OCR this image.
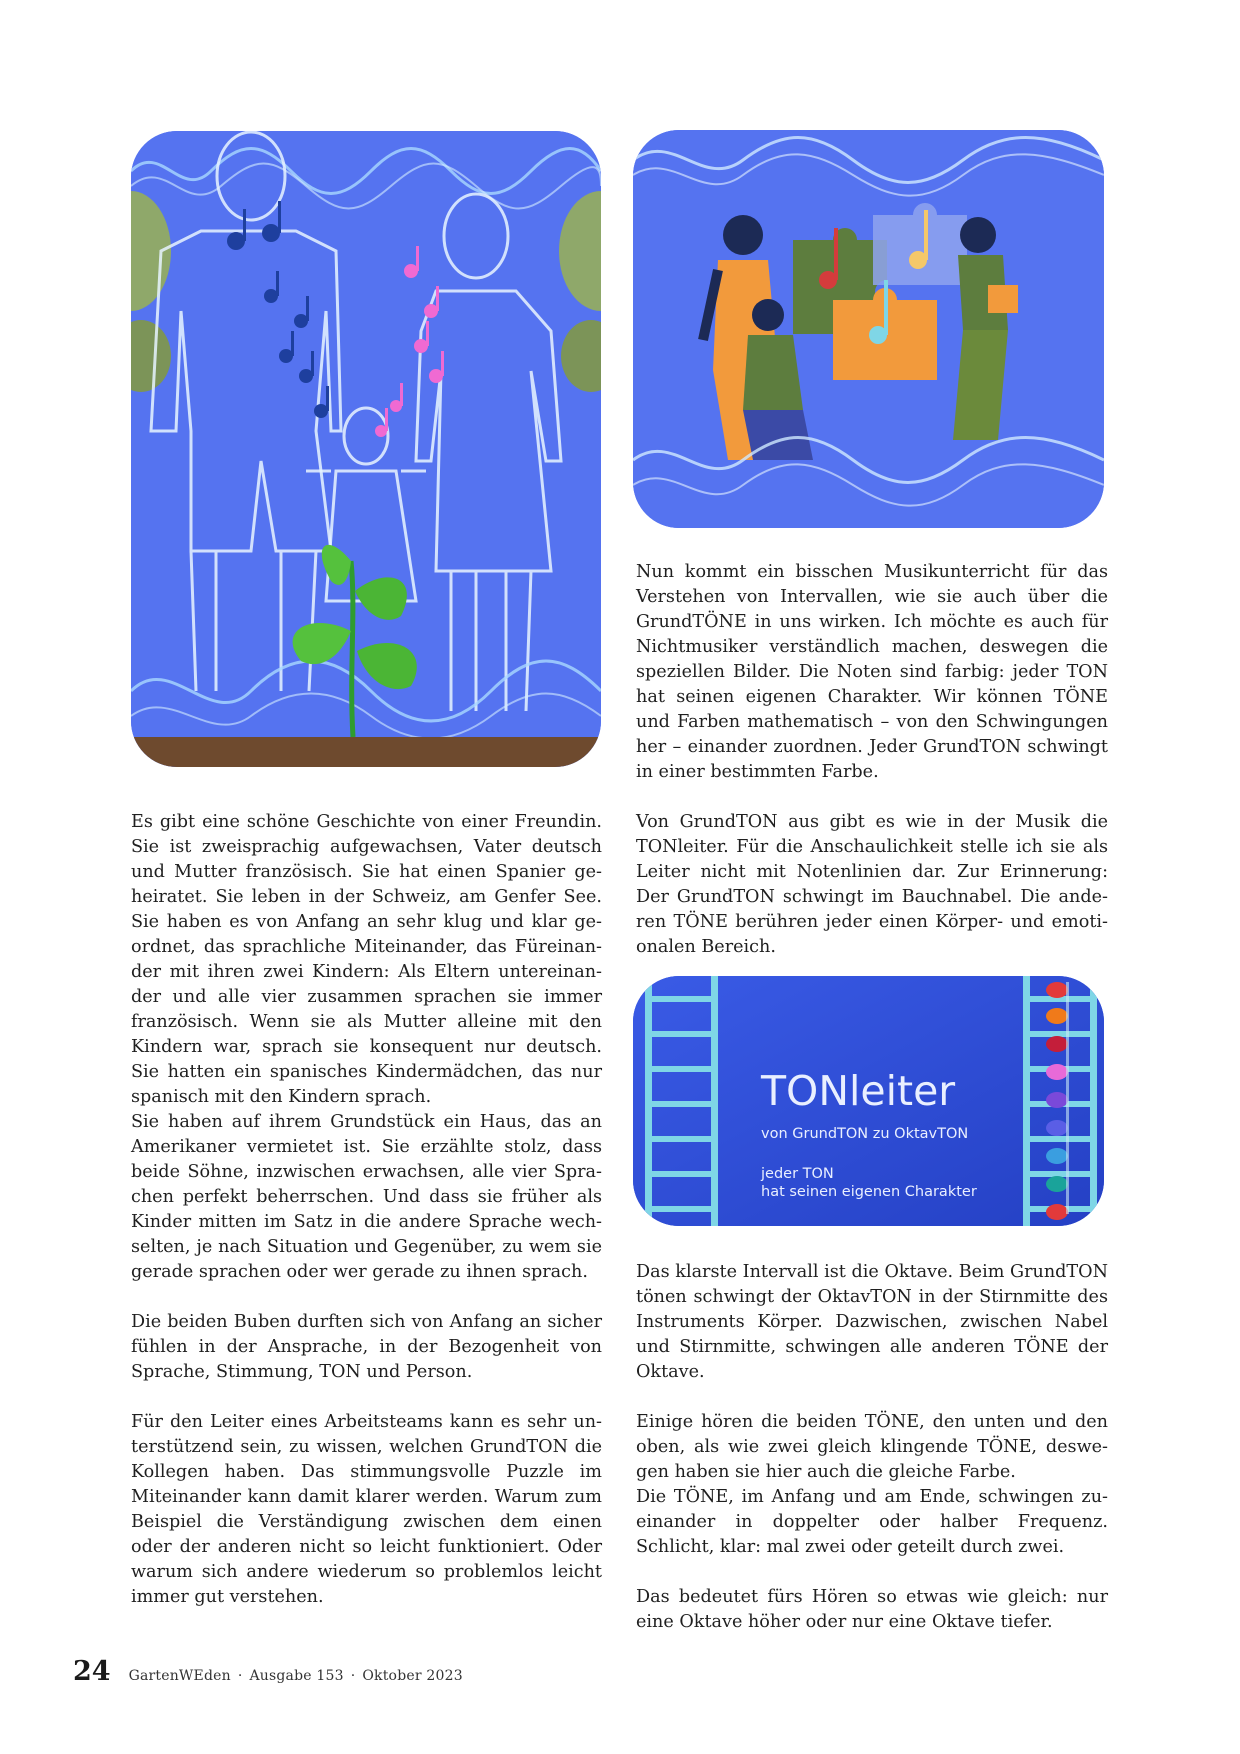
Nun kommt ein bisschen Musikunterricht für das Verstehen von Intervallen, wie sie auch über die GrundTÖNE in uns wirken. Ich möchte es auch für Nichtmusiker verständlich machen, deswegen die speziellen Bilder. Die Noten sind farbig: jeder TON hat seinen eigenen Charakter. Wir können TÖNE und Farben mathematisch – von den Schwingungen her – einander zuordnen. Jeder GrundTON schwingt in einer bestimmten Farbe.

Von GrundTON aus gibt es wie in der Musik die TONleiter. Für die Anschaulichkeit stelle ich sie als Leiter nicht mit Notenlinien dar. Zur Erinnerung: Der GrundTON schwingt im Bauchnabel. Die anderen TÖNE berühren jeder einen Körper- und emotionalen Bereich.

TONleiter
von GrundTON zu OktavTON
jeder TON
hat seinen eigenen Charakter

Es gibt eine schöne Geschichte von einer Freundin. Sie ist zweisprachig aufgewachsen, Vater deutsch und Mutter französisch. Sie hat einen Spanier geheiratet. Sie leben in der Schweiz, am Genfer See. Sie haben es von Anfang an sehr klug und klar geordnet, das sprachliche Miteinander, das Füreinander mit ihren zwei Kindern: Als Eltern untereinander und alle vier zusammen sprachen sie immer französisch. Wenn sie als Mutter alleine mit den Kindern war, sprach sie konsequent nur deutsch. Sie hatten ein spanisches Kindermädchen, das nur spanisch mit den Kindern sprach.

Sie haben auf ihrem Grundstück ein Haus, das an Amerikaner vermietet ist. Sie erzählte stolz, dass beide Söhne, inzwischen erwachsen, alle vier Sprachen perfekt beherrschen. Und dass sie früher als Kinder mitten im Satz in die andere Sprache wechselten, je nach Situation und Gegenüber, zu wem sie gerade sprachen oder wer gerade zu ihnen sprach.

Die beiden Buben durften sich von Anfang an sicher fühlen in der Ansprache, in der Bezogenheit von Sprache, Stimmung, TON und Person.

Für den Leiter eines Arbeitsteams kann es sehr unterstützend sein, zu wissen, welchen GrundTON die Kollegen haben. Das stimmungsvolle Puzzle im Miteinander kann damit klarer werden. Warum zum Beispiel die Verständigung zwischen dem einen oder der anderen nicht so leicht funktioniert. Oder warum sich andere wiederum so problemlos leicht immer gut verstehen.

Das klarste Intervall ist die Oktave. Beim GrundTON tönen schwingt der OktavTON in der Stirnmitte des Instruments Körper. Dazwischen, zwischen Nabel und Stirnmitte, schwingen alle anderen TÖNE der Oktave.

Einige hören die beiden TÖNE, den unten und den oben, als wie zwei gleich klingende TÖNE, deswegen haben sie hier auch die gleiche Farbe.

Die TÖNE, im Anfang und am Ende, schwingen zueinander in doppelter oder halber Frequenz. Schlicht, klar: mal zwei oder geteilt durch zwei.

Das bedeutet fürs Hören so etwas wie gleich: nur eine Oktave höher oder nur eine Oktave tiefer.

24 GartenWEden · Ausgabe 153 · Oktober 2023
